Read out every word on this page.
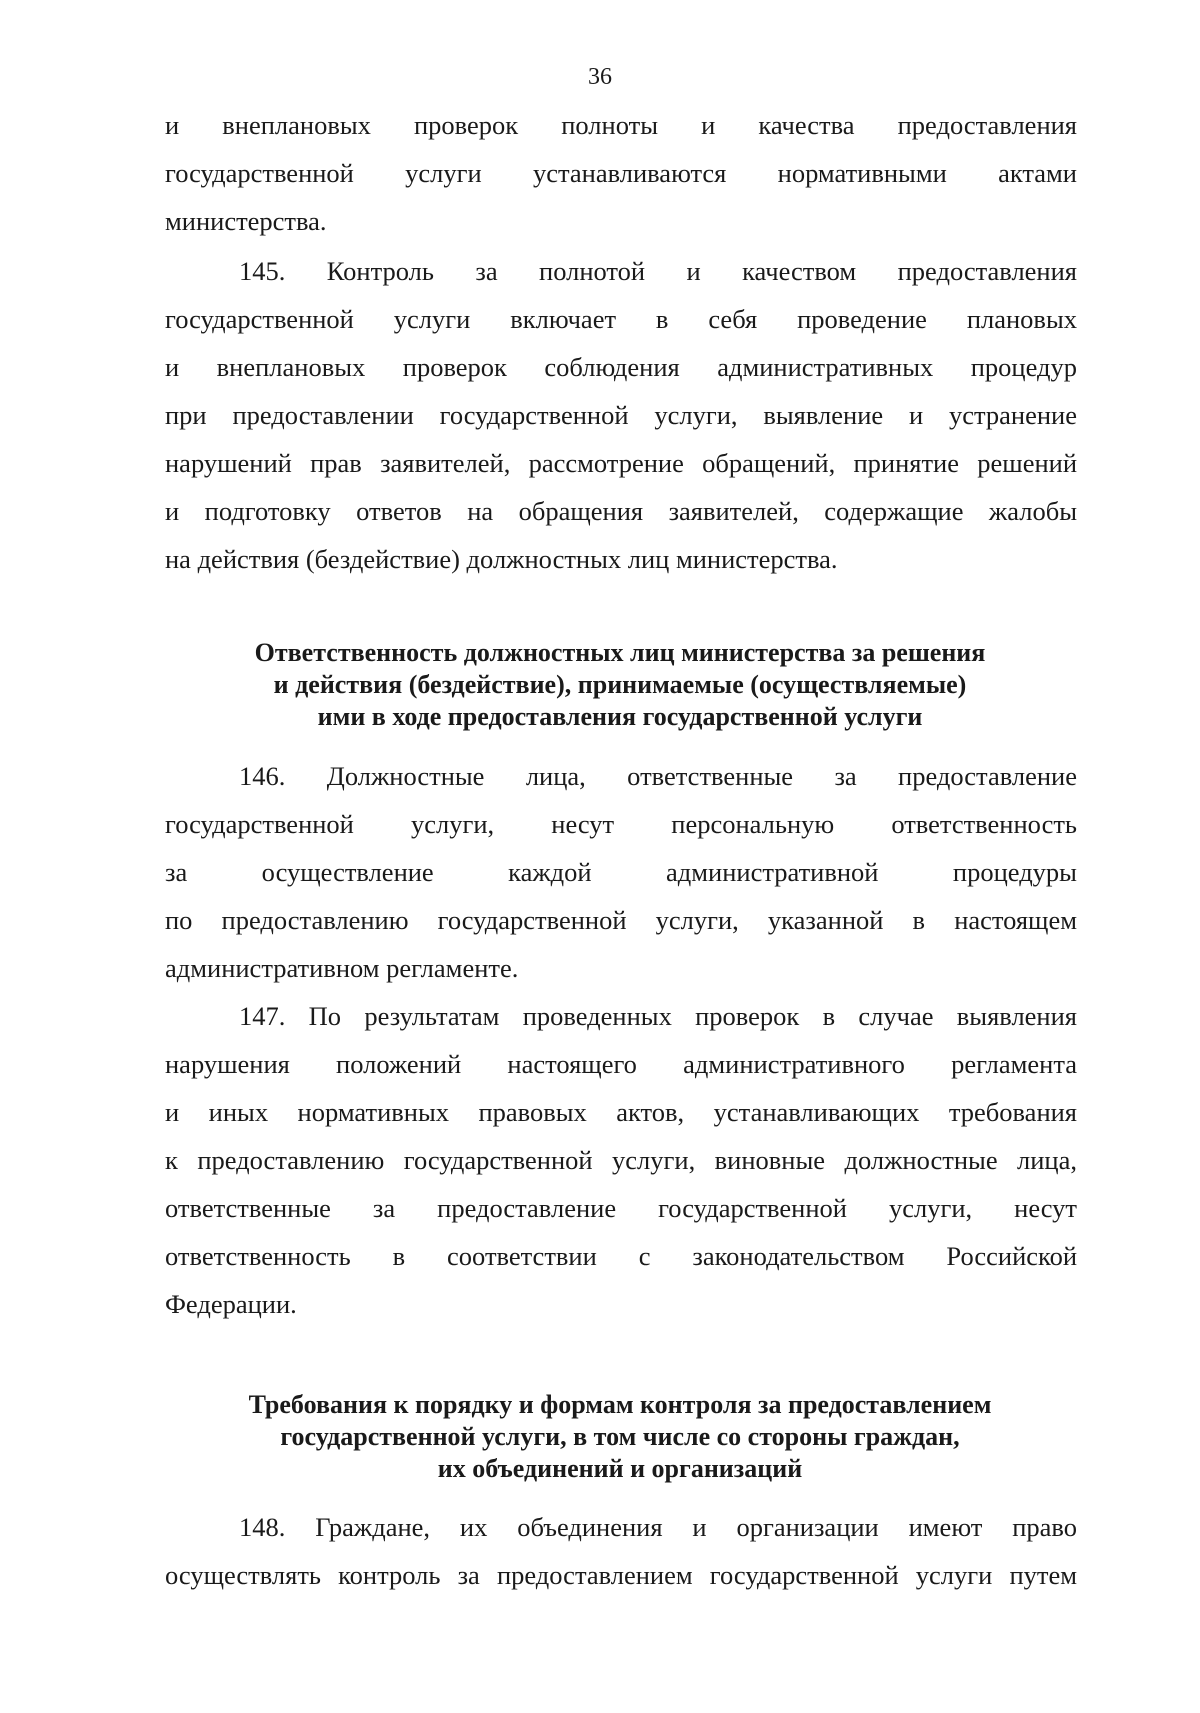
36
и внеплановых проверок полноты и качества предоставления
государственной услуги устанавливаются нормативными актами
министерства.
145. Контроль за полнотой и качеством предоставления
государственной услуги включает в себя проведение плановых
и внеплановых проверок соблюдения административных процедур
при предоставлении государственной услуги, выявление и устранение
нарушений прав заявителей, рассмотрение обращений, принятие решений
и подготовку ответов на обращения заявителей, содержащие жалобы
на действия (бездействие) должностных лиц министерства.
Ответственность должностных лиц министерства за решения
и действия (бездействие), принимаемые (осуществляемые)
ими в ходе предоставления государственной услуги
146. Должностные лица, ответственные за предоставление
государственной услуги, несут персональную ответственность
за осуществление каждой административной процедуры
по предоставлению государственной услуги, указанной в настоящем
административном регламенте.
147. По результатам проведенных проверок в случае выявления
нарушения положений настоящего административного регламента
и иных нормативных правовых актов, устанавливающих требования
к предоставлению государственной услуги, виновные должностные лица,
ответственные за предоставление государственной услуги, несут
ответственность в соответствии с законодательством Российской
Федерации.
Требования к порядку и формам контроля за предоставлением
государственной услуги, в том числе со стороны граждан,
их объединений и организаций
148. Граждане, их объединения и организации имеют право
осуществлять контроль за предоставлением государственной услуги путем
